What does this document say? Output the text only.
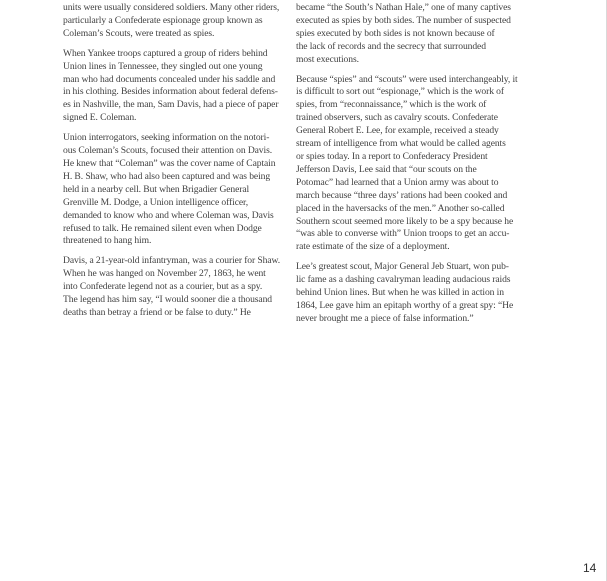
units were usually considered soldiers. Many other riders,
particularly a Confederate espionage group known as
Coleman’s Scouts, were treated as spies.
When Yankee troops captured a group of riders behind
Union lines in Tennessee, they singled out one young
man who had documents concealed under his saddle and
in his clothing. Besides information about federal defens-
es in Nashville, the man, Sam Davis, had a piece of paper
signed E. Coleman.
Union interrogators, seeking information on the notori-
ous Coleman’s Scouts, focused their attention on Davis.
He knew that “Coleman” was the cover name of Captain
H. B. Shaw, who had also been captured and was being
held in a nearby cell. But when Brigadier General
Grenville M. Dodge, a Union intelligence officer,
demanded to know who and where Coleman was, Davis
refused to talk. He remained silent even when Dodge
threatened to hang him.
Davis, a 21-year-old infantryman, was a courier for Shaw.
When he was hanged on November 27, 1863, he went
into Confederate legend not as a courier, but as a spy.
The legend has him say, “I would sooner die a thousand
deaths than betray a friend or be false to duty.” He
became “the South’s Nathan Hale,” one of many captives
executed as spies by both sides. The number of suspected
spies executed by both sides is not known because of
the lack of records and the secrecy that surrounded
most executions.
Because “spies” and “scouts” were used interchangeably, it
is difficult to sort out “espionage,” which is the work of
spies, from “reconnaissance,” which is the work of
trained observers, such as cavalry scouts. Confederate
General Robert E. Lee, for example, received a steady
stream of intelligence from what would be called agents
or spies today. In a report to Confederacy President
Jefferson Davis, Lee said that “our scouts on the
Potomac” had learned that a Union army was about to
march because “three days’ rations had been cooked and
placed in the haversacks of the men.” Another so-called
Southern scout seemed more likely to be a spy because he
“was able to converse with” Union troops to get an accu-
rate estimate of the size of a deployment.
Lee’s greatest scout, Major General Jeb Stuart, won pub-
lic fame as a dashing cavalryman leading audacious raids
behind Union lines. But when he was killed in action in
1864, Lee gave him an epitaph worthy of a great spy: “He
never brought me a piece of false information.”
14
